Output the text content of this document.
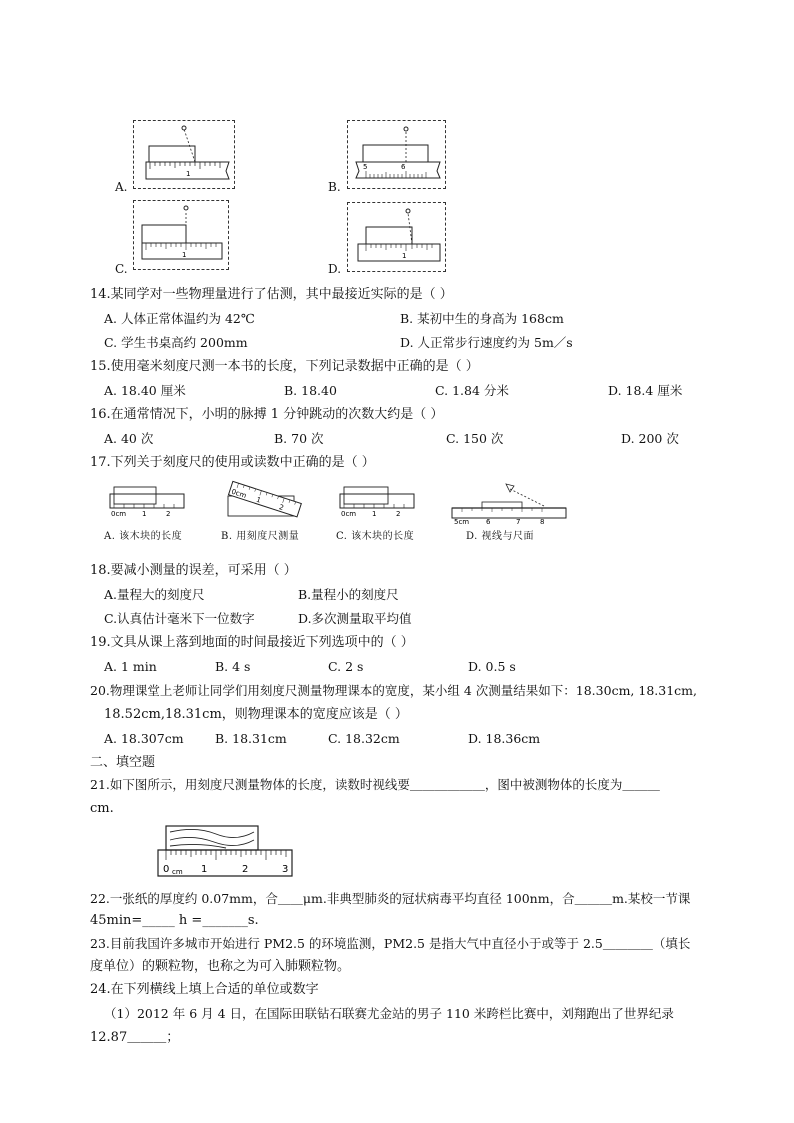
A.
1
B.
5	6
C.
1
D.
1
14.某同学对一些物理量进行了估测，其中最接近实际的是（ ）
A. 人体正常体温约为 42℃	B. 某初中生的身高为 168cm
C. 学生书桌高约 200mm	D. 人正常步行速度约为 5m／s
15.使用毫米刻度尺测一本书的长度，下列记录数据中正确的是（ ）
A. 18.40 厘米	B. 18.40	C. 1.84 分米	D. 18.4 厘米
16.在通常情况下，小明的脉搏 1 分钟跳动的次数大约是（ ）
A. 40 次	B. 70 次	C. 150 次	D. 200 次
17.下列关于刻度尺的使用或读数中正确的是（ ）
0cm 1	2
A. 该木块的长度
0cm
1
2
B. 用刻度尺测量
0cm 1	2
C. 该木块的长度
5cm 6	7	8
D. 视线与尺面
18.要减小测量的误差，可采用（ ）
A.量程大的刻度尺	B.量程小的刻度尺
C.认真估计毫米下一位数字	D.多次测量取平均值
19.文具从课上落到地面的时间最接近下列选项中的（ ）
A. 1 min	B. 4 s	C. 2 s	D. 0.5 s
20.物理课堂上老师让同学们用刻度尺测量物理课本的宽度，某小组 4 次测量结果如下：18.30cm, 18.31cm,
18.52cm,18.31cm，则物理课本的宽度应该是（ ）
A. 18.307cm	B. 18.31cm	C. 18.32cm	D. 18.36cm
二、填空题
21.如下图所示，用刻度尺测量物体的长度，读数时视线要＿＿＿＿＿＿，图中被测物体的长度为＿＿＿
cm.
0 cm 1	2	3
22.一张纸的厚度约 0.07mm，合＿＿μm.非典型肺炎的冠状病毒平均直径 100nm，合＿＿＿m.某校一节课
45min=_____ h =_______s.
23.目前我国许多城市开始进行 PM2.5 的环境监测，PM2.5 是指大气中直径小于或等于 2.5＿＿＿＿（填长
度单位）的颗粒物，也称之为可入肺颗粒物。
24.在下列横线上填上合适的单位或数字
（1）2012 年 6 月 4 日，在国际田联钻石联赛尤金站的男子 110 米跨栏比赛中，刘翔跑出了世界纪录
12.87＿＿＿；
